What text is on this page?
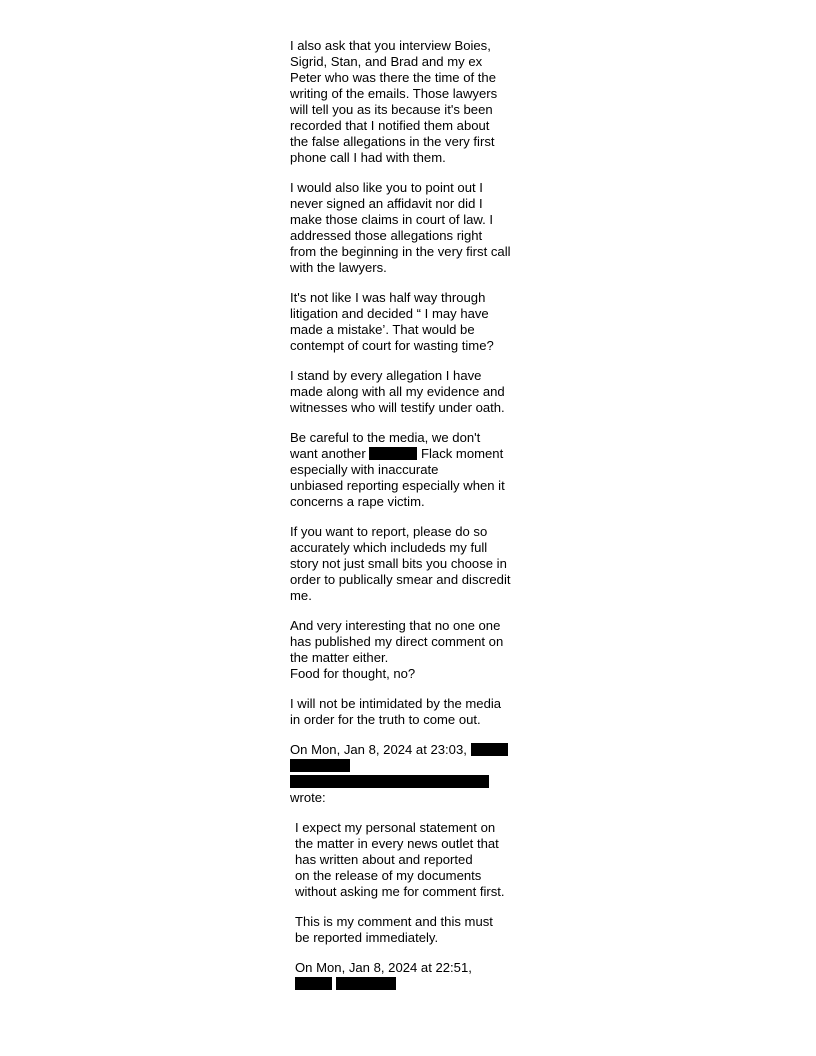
I also ask that you interview Boies,
Sigrid, Stan, and Brad and my ex
Peter who was there the time of the
writing of the emails. Those lawyers
will tell you as its because it's been
recorded that I notified them about
the false allegations in the very first
phone call I had with them.
I would also like you to point out I
never signed an affidavit nor did I
make those claims in court of law. I
addressed those allegations right
from the beginning in the very first call
with the lawyers.
It's not like I was half way through
litigation and decided “ I may have
made a mistake’. That would be
contempt of court for wasting time?
I stand by every allegation I have
made along with all my evidence and
witnesses who will testify under oath.
Be careful to the media, we don't
want another	Flack moment
especially with inaccurate
unbiased reporting especially when it
concerns a rape victim.
If you want to report, please do so
accurately which includeds my full
story not just small bits you choose in
order to publically smear and discredit
me.
And very interesting that no one one
has published my direct comment on
the matter either.
Food for thought, no?
I will not be intimidated by the media
in order for the truth to come out.
On Mon, Jan 8, 2024 at 23:03,
wrote:
I expect my personal statement on
the matter in every news outlet that
has written about and reported
on the release of my documents
without asking me for comment first.
This is my comment and this must
be reported immediately.
On Mon, Jan 8, 2024 at 22:51,
